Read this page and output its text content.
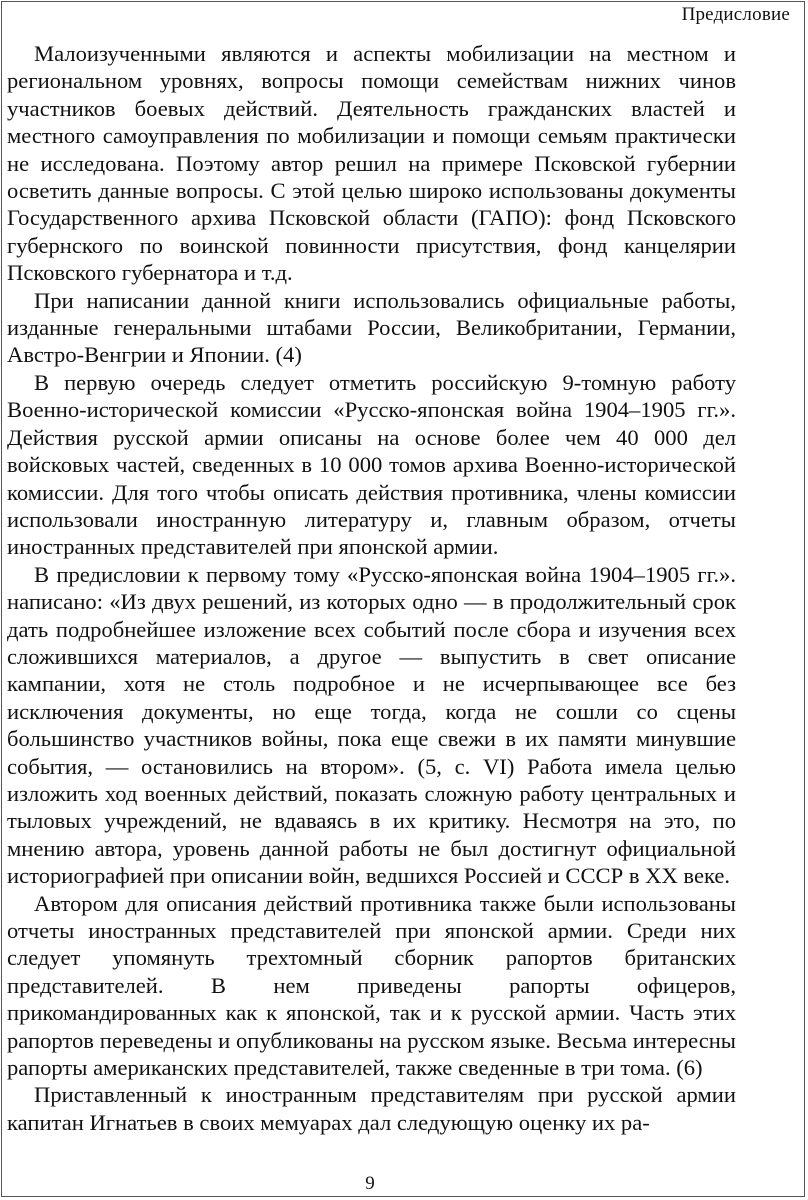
Предисловие

Малоизученными являются и аспекты мобилизации на местном и региональном уровнях, вопросы помощи семействам нижних чинов участников боевых действий. Деятельность гражданских властей и местного самоуправления по мобилизации и помощи семьям практически не исследована. Поэтому автор решил на примере Псковской губернии осветить данные вопросы. С этой целью широко использованы документы Государственного архива Псковской области (ГАПО): фонд Псковского губернского по воинской повинности присутствия, фонд канцелярии Псковского губернатора и т.д.

При написании данной книги использовались официальные работы, изданные генеральными штабами России, Великобритании, Германии, Австро-Венгрии и Японии. (4)

В первую очередь следует отметить российскую 9-томную работу Военно-исторической комиссии «Русско-японская война 1904–1905 гг.». Действия русской армии описаны на основе более чем 40 000 дел войсковых частей, сведенных в 10 000 томов архива Военно-исторической комиссии. Для того чтобы описать действия противника, члены комиссии использовали иностранную литературу и, главным образом, отчеты иностранных представителей при японской армии.

В предисловии к первому тому «Русско-японская война 1904–1905 гг.». написано: «Из двух решений, из которых одно — в продолжительный срок дать подробнейшее изложение всех событий после сбора и изучения всех сложившихся материалов, а другое — выпустить в свет описание кампании, хотя не столь подробное и не исчерпывающее все без исключения документы, но еще тогда, когда не сошли со сцены большинство участников войны, пока еще свежи в их памяти минувшие события, — остановились на втором». (5, с. VI) Работа имела целью изложить ход военных действий, показать сложную работу центральных и тыловых учреждений, не вдаваясь в их критику. Несмотря на это, по мнению автора, уровень данной работы не был достигнут официальной историографией при описании войн, ведшихся Россией и СССР в XX веке.

Автором для описания действий противника также были использованы отчеты иностранных представителей при японской армии. Среди них следует упомянуть трехтомный сборник рапортов британских представителей. В нем приведены рапорты офицеров, прикомандированных как к японской, так и к русской армии. Часть этих рапортов переведены и опубликованы на русском языке. Весьма интересны рапорты американских представителей, также сведенные в три тома. (6)

Приставленный к иностранным представителям при русской армии капитан Игнатьев в своих мемуарах дал следующую оценку их ра-

9
